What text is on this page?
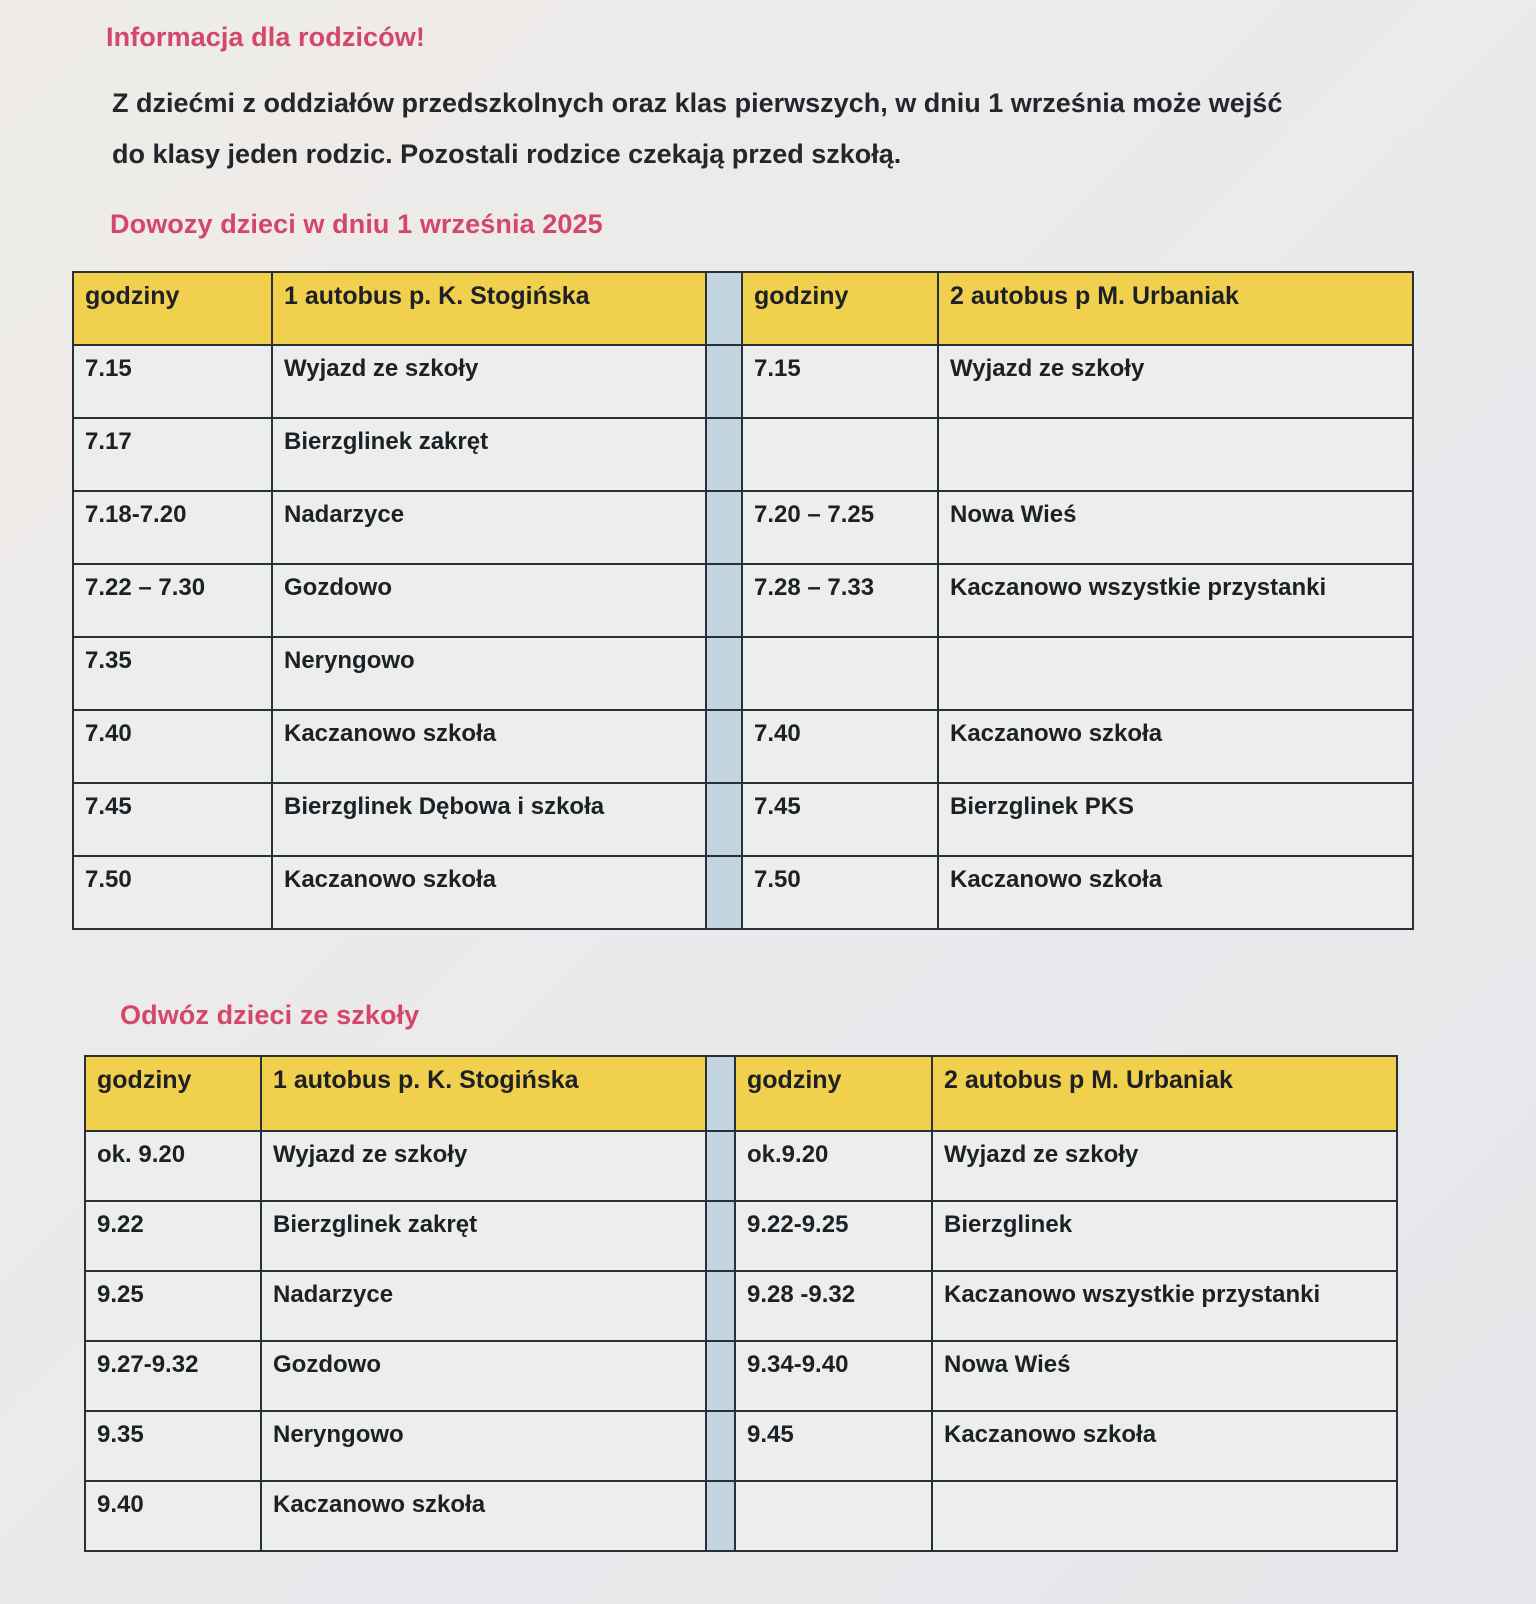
Informacja dla rodziców!
Z dziećmi z oddziałów przedszkolnych oraz klas pierwszych, w dniu 1 września może wejść
do klasy jeden rodzic. Pozostali rodzice czekają przed szkołą.
Dowozy dzieci w dniu 1 września 2025
godziny	1 autobus p. K. Stogińska		godziny	2 autobus p M. Urbaniak
7.15	Wyjazd ze szkoły		7.15	Wyjazd ze szkoły
7.17	Bierzglinek zakręt			
7.18-7.20	Nadarzyce		7.20 – 7.25	Nowa Wieś
7.22 – 7.30	Gozdowo		7.28 – 7.33	Kaczanowo wszystkie przystanki
7.35	Neryngowo			
7.40	Kaczanowo szkoła		7.40	Kaczanowo szkoła
7.45	Bierzglinek Dębowa i szkoła		7.45	Bierzglinek PKS
7.50	Kaczanowo szkoła		7.50	Kaczanowo szkoła
Odwóz dzieci ze szkoły
godziny	1 autobus p. K. Stogińska		godziny	2 autobus p M. Urbaniak
ok. 9.20	Wyjazd ze szkoły		ok.9.20	Wyjazd ze szkoły
9.22	Bierzglinek zakręt		9.22-9.25	Bierzglinek
9.25	Nadarzyce		9.28 -9.32	Kaczanowo wszystkie przystanki
9.27-9.32	Gozdowo		9.34-9.40	Nowa Wieś
9.35	Neryngowo		9.45	Kaczanowo szkoła
9.40	Kaczanowo szkoła			
